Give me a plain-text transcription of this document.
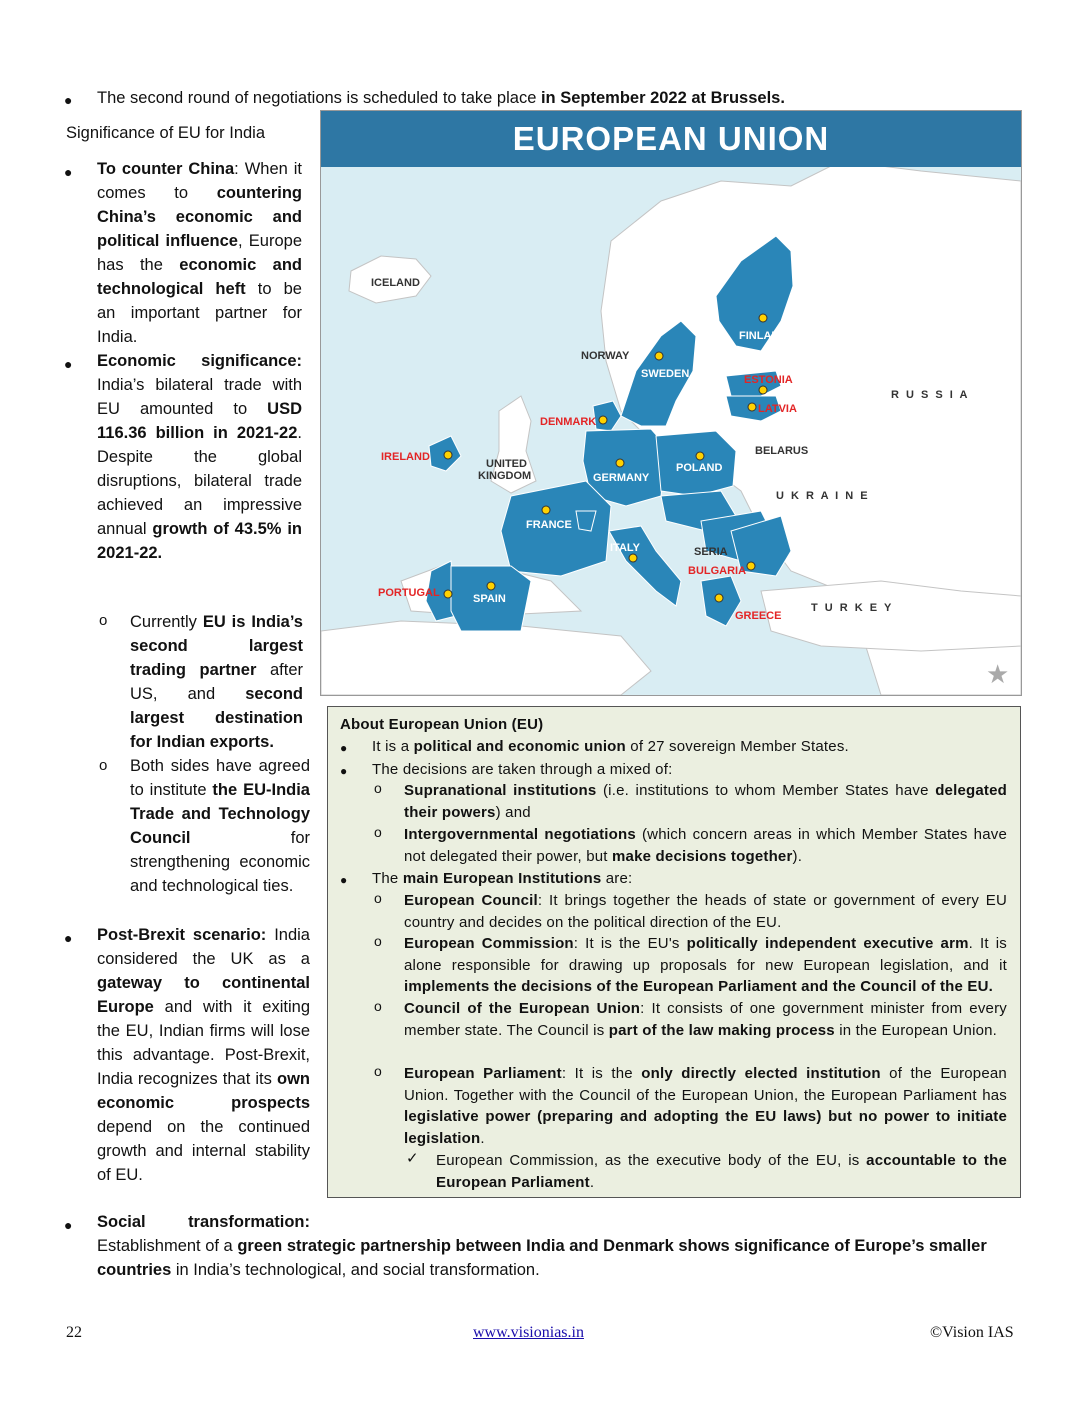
● The second round of negotiations is scheduled to take place in September 2022 at Brussels.
Significance of EU for India
● To counter China: When it comes to countering China’s economic and political influence, Europe has the economic and technological heft to be an important partner for India.
● Economic significance: India’s bilateral trade with EU amounted to USD 116.36 billion in 2021-22. Despite the global disruptions, bilateral trade achieved an impressive annual growth of 43.5% in 2021-22.
o Currently EU is India’s second largest trading partner after US, and second largest destination for Indian exports.
o Both sides have agreed to institute the EU-India Trade and Technology Council for strengthening economic and technological ties.
● Post-Brexit scenario: India considered the UK as a gateway to continental Europe and with it exiting the EU, Indian firms will lose this advantage. Post-Brexit, India recognizes that its own economic prospects depend on the continued growth and internal stability of EU.
● Social transformation:
Establishment of a green strategic partnership between India and Denmark shows significance of Europe’s smaller countries in India’s technological, and social transformation.
ICELAND
NORWAY
SWEDEN
FINLAND
R U S S I A
ESTONIA
LATVIA
DENMARK
BELARUS
IRELAND
UNITED
KINGDOM
POLAND
GERMANY
U K R A I N E
FRANCE
ITALY	SERIA
BULGARIA
PORTUGAL	SPAIN
T U R K E Y
GREECE
★
EUROPEAN UNION
About European Union (EU)
● It is a political and economic union of 27 sovereign Member States.
● The decisions are taken through a mixed of:
o Supranational institutions (i.e. institutions to whom Member States have delegated their powers) and
o Intergovernmental negotiations (which concern areas in which Member States have not delegated their power, but make decisions together).
● The main European Institutions are:
o European Council: It brings together the heads of state or government of every EU country and decides on the political direction of the EU.
o European Commission: It is the EU's politically independent executive arm. It is alone responsible for drawing up proposals for new European legislation, and it implements the decisions of the European Parliament and the Council of the EU.
o Council of the European Union: It consists of one government minister from every member state. The Council is part of the law making process in the European Union.
o European Parliament: It is the only directly elected institution of the European Union. Together with the Council of the European Union, the European Parliament has legislative power (preparing and adopting the EU laws) but no power to initiate legislation.
✓ European Commission, as the executive body of the EU, is accountable to the European Parliament.
22	www.visionias.in	©Vision IAS
